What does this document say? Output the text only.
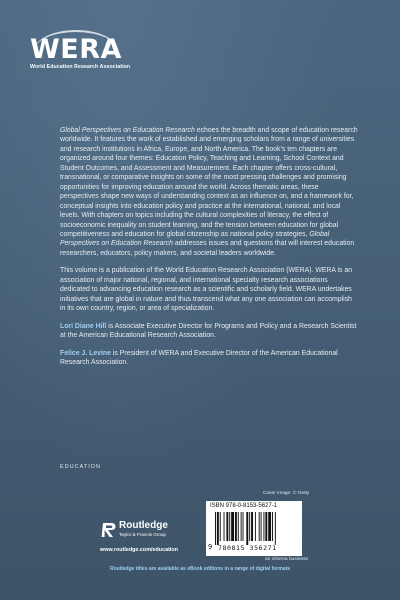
WERA
World Education Research Association

Global Perspectives on Education Research echoes the breadth and scope of education research worldwide. It features the work of established and emerging scholars from a range of universities and research institutions in Africa, Europe, and North America. The book’s ten chapters are organized around four themes: Education Policy, Teaching and Learning, School Context and Student Outcomes, and Assessment and Measurement. Each chapter offers cross-cultural, transnational, or comparative insights on some of the most pressing challenges and promising opportunities for improving education around the world. Across thematic areas, these perspectives shape new ways of understanding context as an influence on, and a framework for, conceptual insights into education policy and practice at the international, national, and local levels. With chapters on topics including the cultural complexities of literacy, the effect of socioeconomic inequality on student learning, and the tension between education for global competitiveness and education for global citizenship as national policy strategies, Global Perspectives on Education Research addresses issues and questions that will interest education researchers, educators, policy makers, and societal leaders worldwide.

This volume is a publication of the World Education Research Association (WERA). WERA is an association of major national, regional, and international specialty research associations dedicated to advancing education research as a scientific and scholarly field. WERA undertakes initiatives that are global in nature and thus transcend what any one association can accomplish in its own country, region, or area of specialization.

Lori Diane Hill is Associate Executive Director for Programs and Policy and a Research Scientist at the American Educational Research Association.

Felice J. Levine is President of WERA and Executive Director of the American Educational Research Association.

EDUCATION
Cover image: © Getty
Routledge
Taylor & Francis Group
www.routledge.com/education
ISBN 978-0-8153-5627-1
9 780815 356271
an informa business
Routledge titles are available as eBook editions in a range of digital formats
